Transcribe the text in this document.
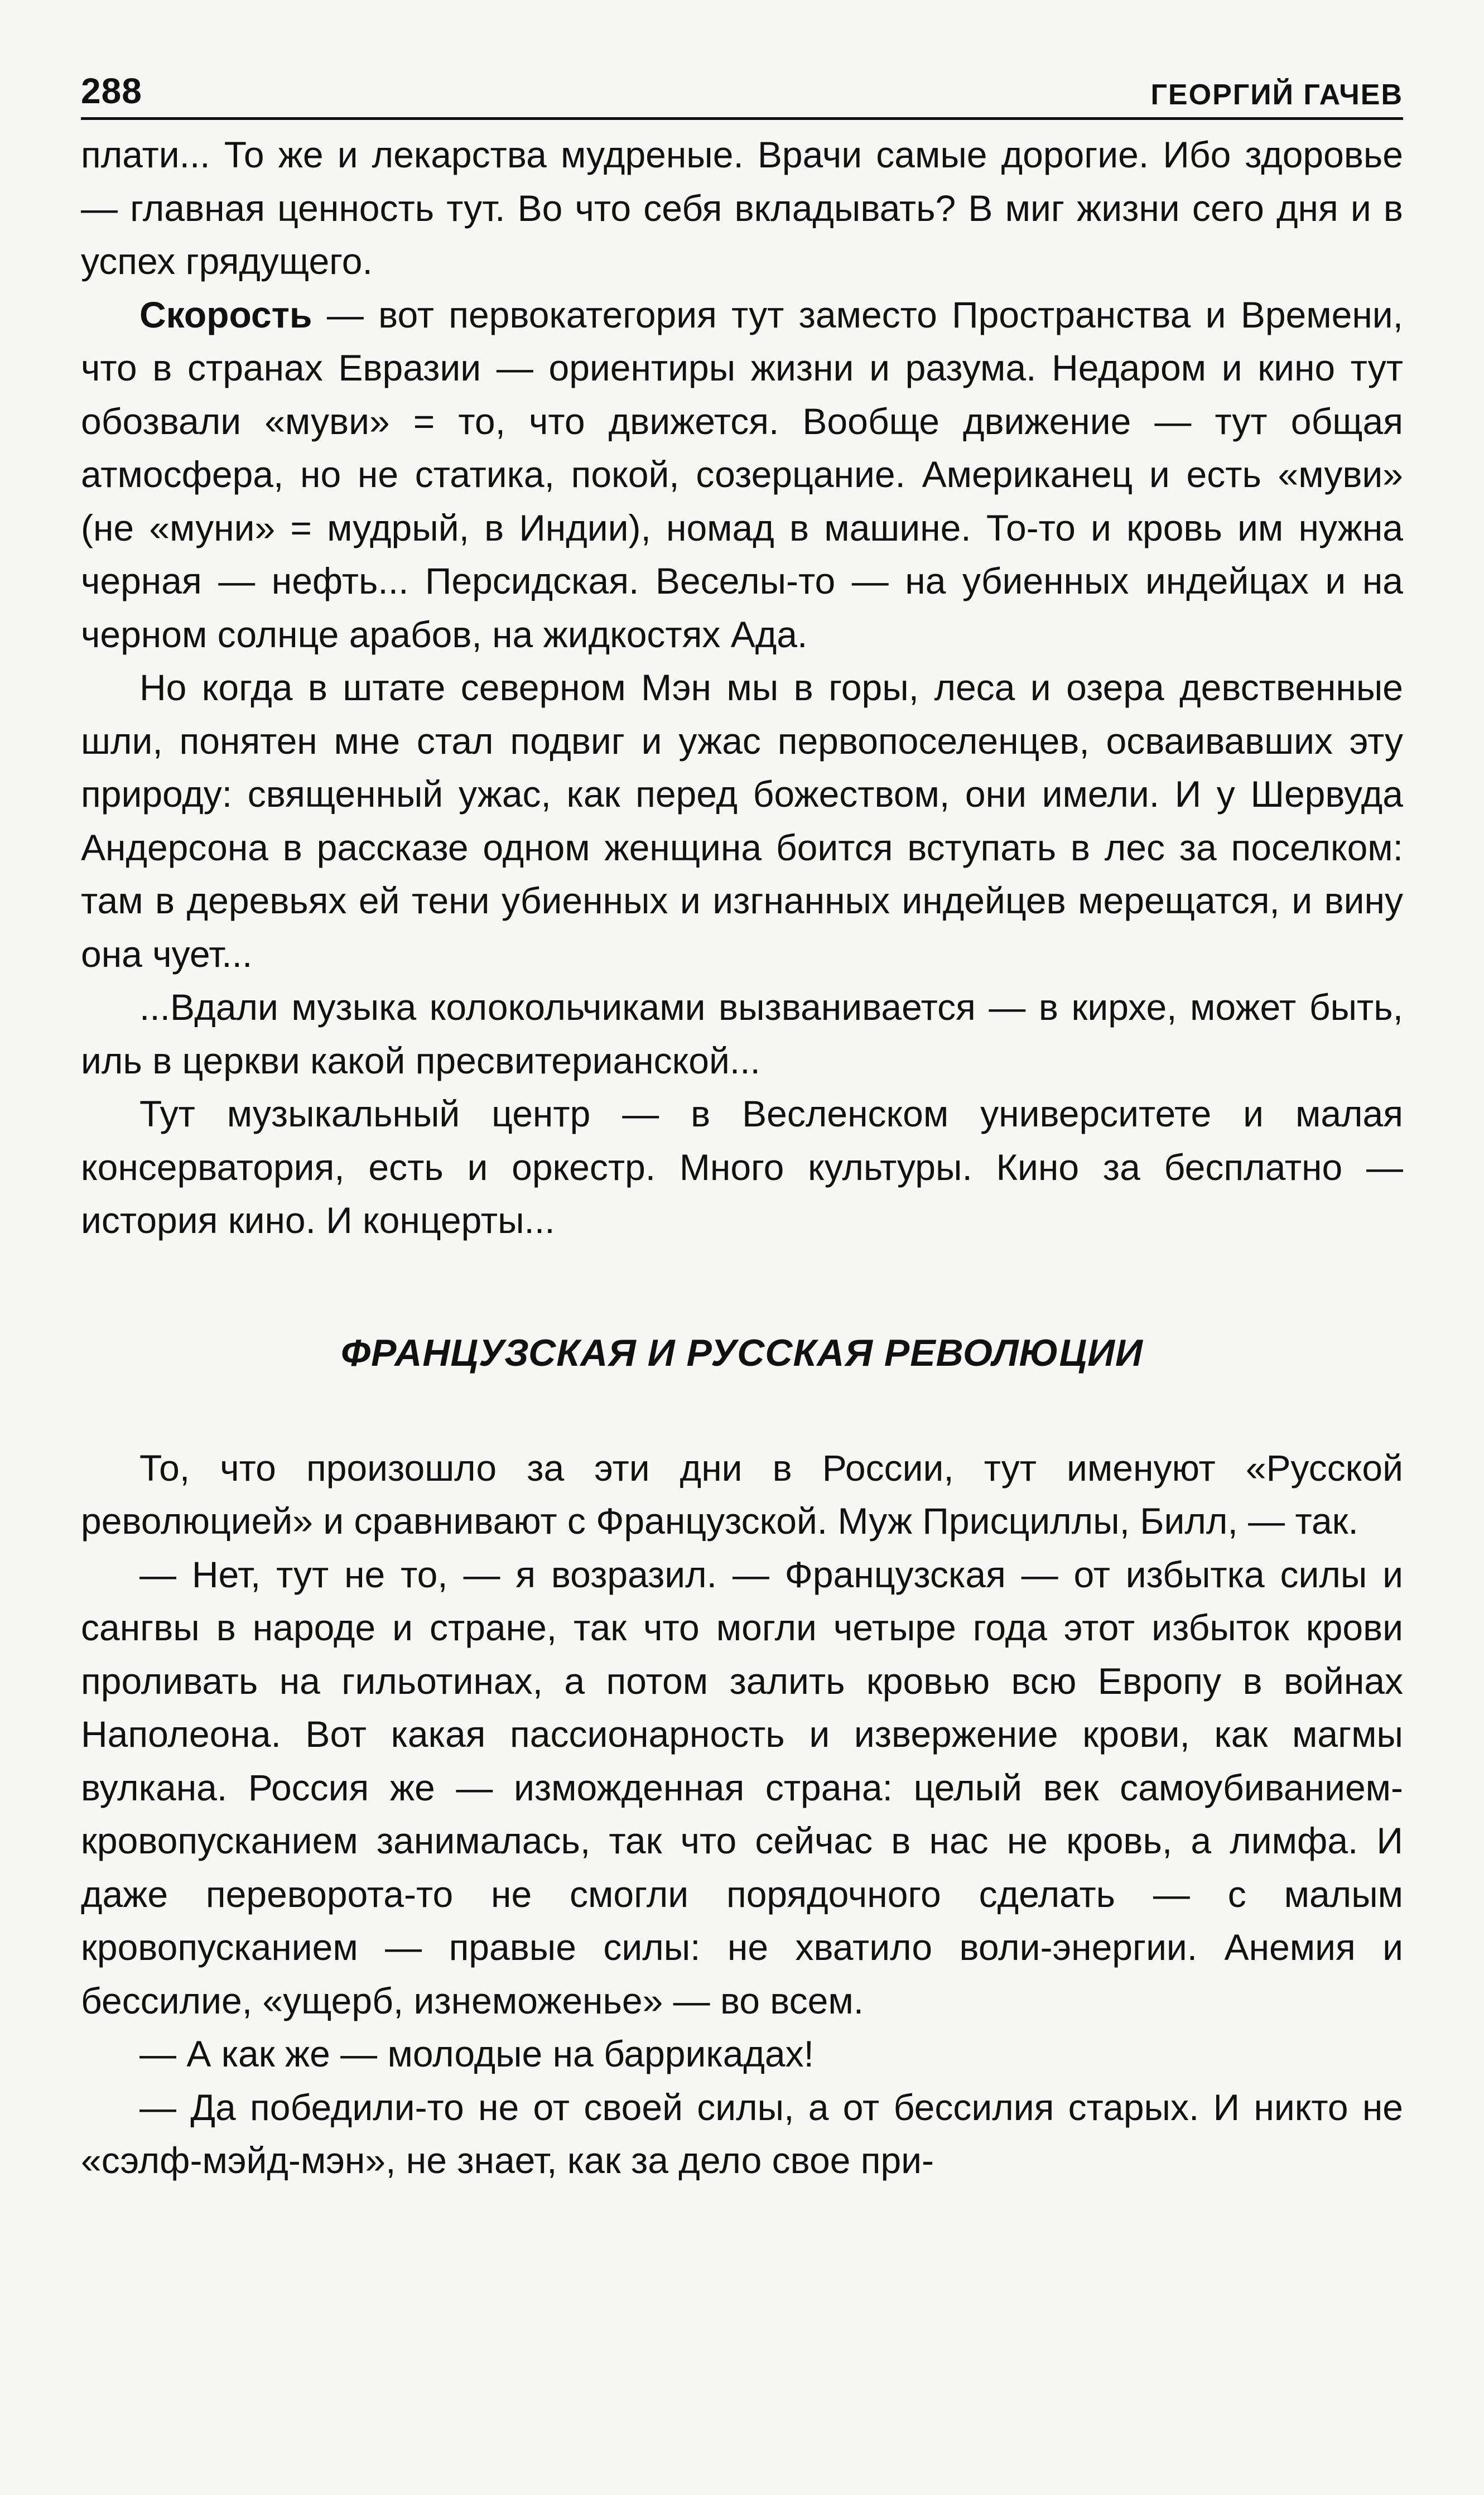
288	ГЕОРГИЙ ГАЧЕВ

плати... То же и лекарства мудреные. Врачи самые дорогие. Ибо здоровье — главная ценность тут. Во что себя вкладывать? В миг жизни сего дня и в успех грядущего.

Скорость — вот первокатегория тут заместо Пространства и Времени, что в странах Евразии — ориентиры жизни и разума. Недаром и кино тут обозвали «муви» = то, что движется. Вообще движение — тут общая атмосфера, но не статика, покой, созерцание. Американец и есть «муви» (не «муни» = мудрый, в Индии), номад в машине. То-то и кровь им нужна черная — нефть... Персидская. Веселы-то — на убиенных индейцах и на черном солнце арабов, на жидкостях Ада.

Но когда в штате северном Мэн мы в горы, леса и озера девственные шли, понятен мне стал подвиг и ужас первопоселенцев, осваивавших эту природу: священный ужас, как перед божеством, они имели. И у Шервуда Андерсона в рассказе одном женщина боится вступать в лес за поселком: там в деревьях ей тени убиенных и изгнанных индейцев мерещатся, и вину она чует...

...Вдали музыка колокольчиками вызванивается — в кирхе, может быть, иль в церкви какой пресвитерианской...

Тут музыкальный центр — в Весленском университете и малая консерватория, есть и оркестр. Много культуры. Кино за бесплатно — история кино. И концерты...

ФРАНЦУЗСКАЯ И РУССКАЯ РЕВОЛЮЦИИ

То, что произошло за эти дни в России, тут именуют «Русской революцией» и сравнивают с Французской. Муж Присциллы, Билл, — так.

— Нет, тут не то, — я возразил. — Французская — от избытка силы и сангвы в народе и стране, так что могли четыре года этот избыток крови проливать на гильотинах, а потом залить кровью всю Европу в войнах Наполеона. Вот какая пассионарность и извержение крови, как магмы вулкана. Россия же — изможденная страна: целый век самоубиванием-кровопусканием занималась, так что сейчас в нас не кровь, а лимфа. И даже переворота-то не смогли порядочного сделать — с малым кровопусканием — правые силы: не хватило воли-энергии. Анемия и бессилие, «ущерб, изнеможенье» — во всем.

— А как же — молодые на баррикадах!

— Да победили-то не от своей силы, а от бессилия старых. И никто не «сэлф-мэйд-мэн», не знает, как за дело свое при-
